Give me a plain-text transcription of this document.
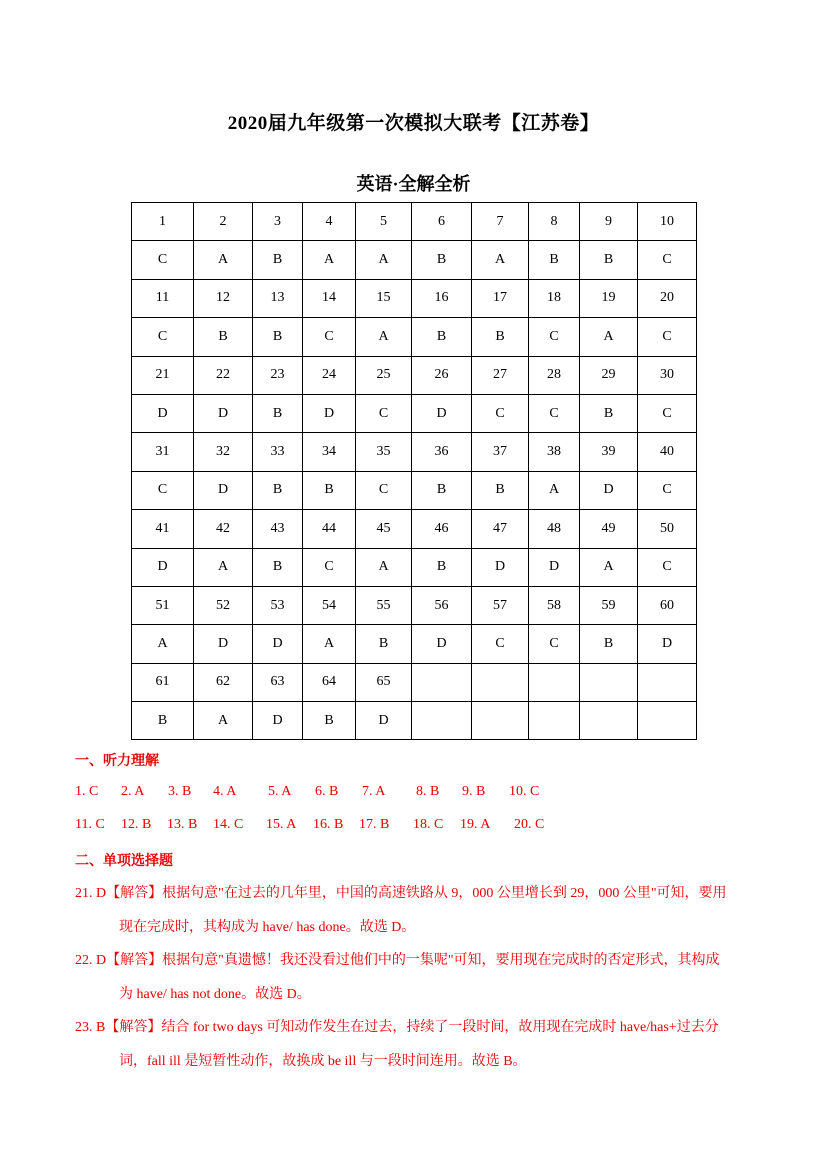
2020届九年级第一次模拟大联考【江苏卷】
英语·全解全析
1	2	3	4	5	6	7	8	9	10
C	A	B	A	A	B	A	B	B	C
11	12	13	14	15	16	17	18	19	20
C	B	B	C	A	B	B	C	A	C
21	22	23	24	25	26	27	28	29	30
D	D	B	D	C	D	C	C	B	C
31	32	33	34	35	36	37	38	39	40
C	D	B	B	C	B	B	A	D	C
41	42	43	44	45	46	47	48	49	50
D	A	B	C	A	B	D	D	A	C
51	52	53	54	55	56	57	58	59	60
A	D	D	A	B	D	C	C	B	D
61	62	63	64	65					
B	A	D	B	D					
一、听力理解
1. C 2. A 3. B 4. A 5. A 6. B 7. A 8. B 9. B 10. C
11. C 12. B 13. B 14. C 15. A 16. B 17. B 18. C 19. A 20. C
二、单项选择题
21. D【解答】根据句意"在过去的几年里，中国的高速铁路从 9，000 公里增长到 29，000 公里"可知，要用
现在完成时，其构成为 have/ has done。故选 D。
22. D【解答】根据句意"真遗憾！我还没看过他们中的一集呢"可知，要用现在完成时的否定形式，其构成
为 have/ has not done。故选 D。
23. B【解答】结合 for two days 可知动作发生在过去，持续了一段时间，故用现在完成时 have/has+过去分
词，fall ill 是短暂性动作，故换成 be ill 与一段时间连用。故选 B。
